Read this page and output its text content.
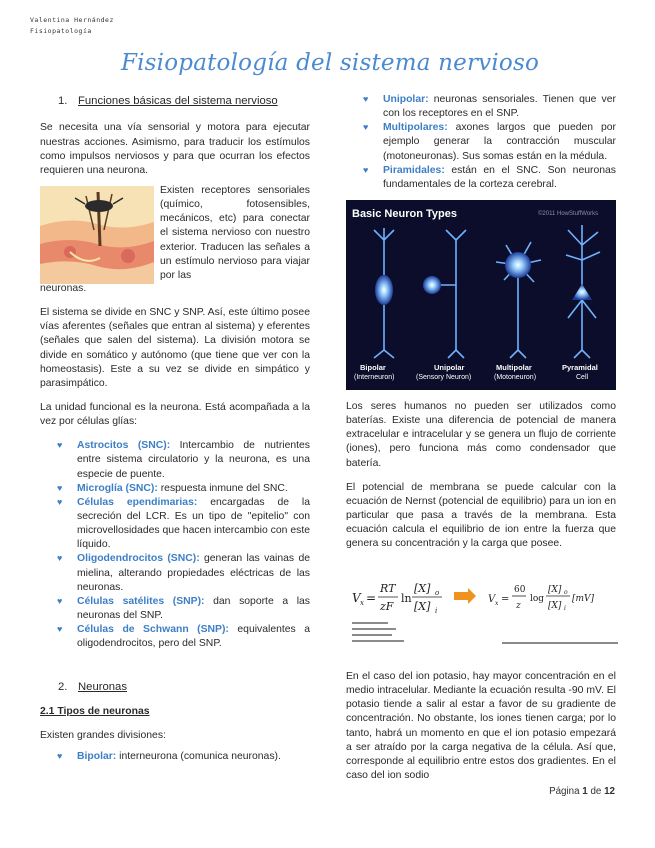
Valentina Hernández
Fisiopatología
Fisiopatología del sistema nervioso
1. Funciones básicas del sistema nervioso

Se necesita una vía sensorial y motora para ejecutar nuestras acciones. Asimismo, para traducir los estímulos como impulsos nerviosos y para que ocurran los efectos requieren una neurona.

Existen receptores sensoriales (químico, fotosensibles, mecánicos, etc) para conectar el sistema nervioso con nuestro exterior. Traducen las señales a un estímulo nervioso para viajar por las

neuronas.

El sistema se divide en SNC y SNP. Así, este último posee vías aferentes (señales que entran al sistema) y eferentes (señales que salen del sistema). La división motora se divide en somático y autónomo (que tiene que ver con la homeostasis). Este a su vez se divide en simpático y parasimpático.

La unidad funcional es la neurona. Está acompañada a la vez por células glías:

♥ Astrocitos (SNC): Intercambio de nutrientes entre sistema circulatorio y la neurona, es una especie de puente.
♥ Microglía (SNC): respuesta inmune del SNC.
♥ Células ependimarias: encargadas de la secreción del LCR. Es un tipo de "epitelio" con microvellosidades que hacen intercambio con este líquido.
♥ Oligodendrocitos (SNC): generan las vainas de mielina, alterando propiedades eléctricas de las neuronas.
♥ Células satélites (SNP): dan soporte a las neuronas del SNP.
♥ Células de Schwann (SNP): equivalentes a oligodendrocitos, pero del SNP.
2. Neuronas
2.1 Tipos de neuronas

Existen grandes divisiones:

♥ Bipolar: interneurona (comunica neuronas).
♥ Unipolar: neuronas sensoriales. Tienen que ver con los receptores en el SNP.
♥ Multipolares: axones largos que pueden por ejemplo generar la contracción muscular (motoneuronas). Sus somas están en la médula.
♥ Piramidales: están en el SNC. Son neuronas fundamentales de la corteza cerebral.
Basic Neuron Types	©2011 HowStuffWorks
Bipolar
(Interneuron)
Unipolar
(Sensory Neuron)
Multipolar
(Motoneuron)
Pyramidal
Cell

Los seres humanos no pueden ser utilizados como baterías. Existe una diferencia de potencial de manera extracelular e intracelular y se genera un flujo de corriente (iones), pero funciona más como condensador que batería.

El potencial de membrana se puede calcular con la ecuación de Nernst (potencial de equilibrio) para un ion en particular que pasa a través de la membrana. Esta ecuación calcula el equilibrio de ion entre la fuerza que genera su concentración y la carga que posee.

V x =
RT
zF
ln
[X] o
[X] i
V x =
60
z
log
[X] o
[X] i
[mV]

En el caso del ion potasio, hay mayor concentración en el medio intracelular. Mediante la ecuación resulta -90 mV. El potasio tiende a salir al estar a favor de su gradiente de concentración. No obstante, los iones tienen carga; por lo tanto, habrá un momento en que el ion potasio empezará a ser atraído por la carga negativa de la célula. Así que, corresponde al equilibrio entre estos dos gradientes. En el caso del ion sodio

Página 1 de 12
